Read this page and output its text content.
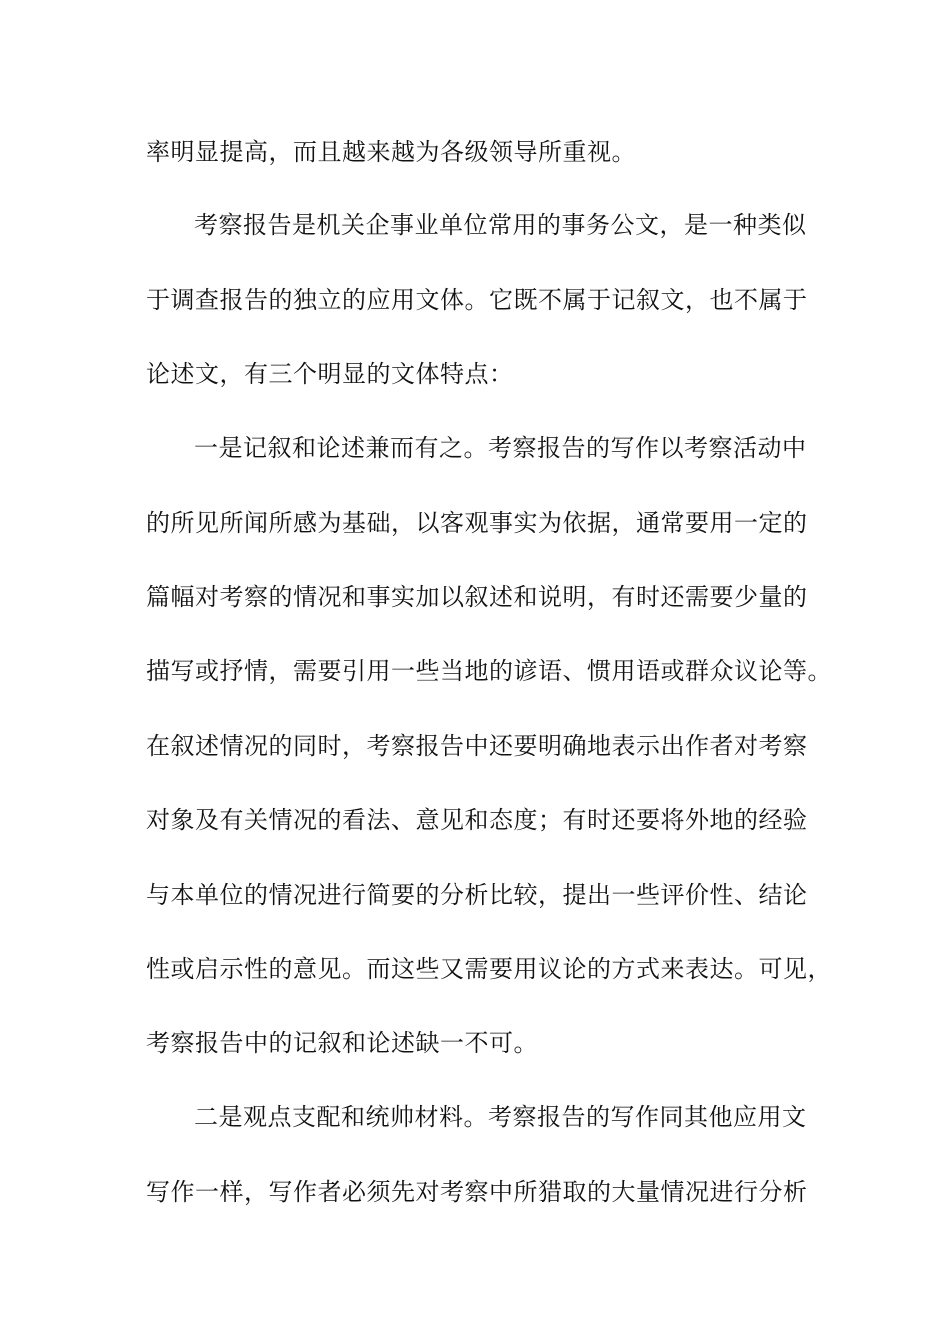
率明显提高，而且越来越为各级领导所重视。
考察报告是机关企事业单位常用的事务公文，是一种类似
于调查报告的独立的应用文体。它既不属于记叙文，也不属于
论述文，有三个明显的文体特点：
一是记叙和论述兼而有之。考察报告的写作以考察活动中
的所见所闻所感为基础，以客观事实为依据，通常要用一定的
篇幅对考察的情况和事实加以叙述和说明，有时还需要少量的
描写或抒情，需要引用一些当地的谚语、惯用语或群众议论等。
在叙述情况的同时，考察报告中还要明确地表示出作者对考察
对象及有关情况的看法、意见和态度；有时还要将外地的经验
与本单位的情况进行简要的分析比较，提出一些评价性、结论
性或启示性的意见。而这些又需要用议论的方式来表达。可见，
考察报告中的记叙和论述缺一不可。
二是观点支配和统帅材料。考察报告的写作同其他应用文
写作一样，写作者必须先对考察中所猎取的大量情况进行分析
